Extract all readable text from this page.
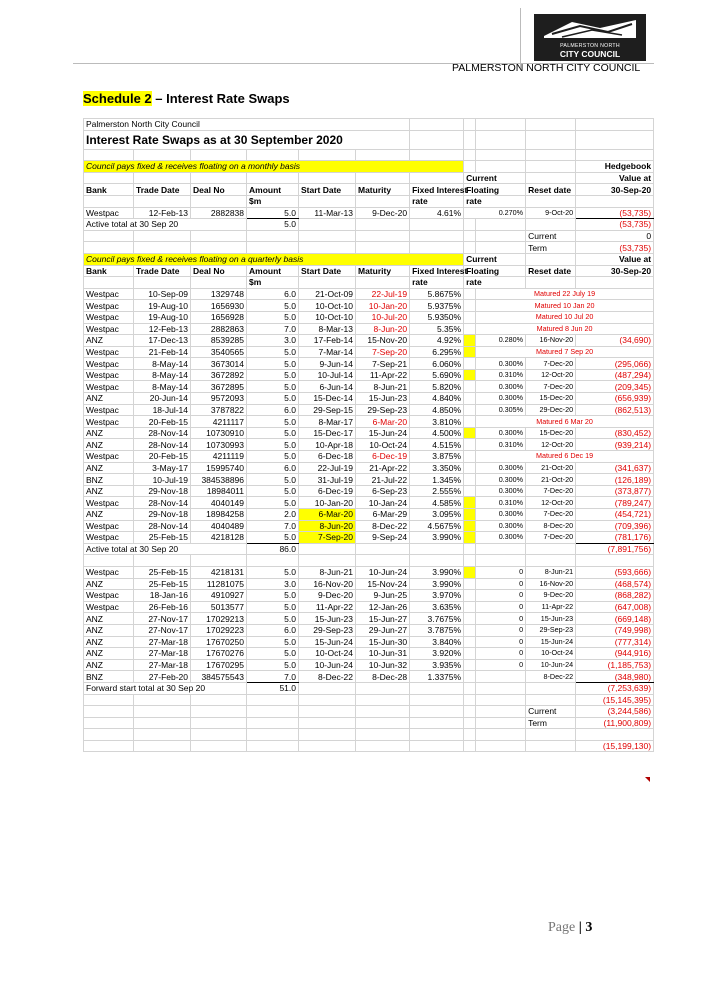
PALMERSTON NORTH
CITY COUNCIL
PALMERSTON NORTH CITY COUNCIL
Schedule 2 – Interest Rate Swaps
Palmerston North City Council										
Interest Rate Swaps as at 30 September 2020										

Council pays fixed & receives floating on a monthly basis										Hedgebook
							Current			Value at
Bank	Trade Date	Deal No	Amount	Start Date	Maturity	Fixed Interest	Floating		Reset date	30-Sep-20
			$m			rate	rate			
Westpac	12-Feb-13	2882838	5.0	11-Mar-13	9-Dec-20	4.61%	0.270%		9-Oct-20	(53,735)
Active total at 30 Sep 20			5.0							(53,735)
									Current	0
									Term	(53,735)
Council pays fixed & receives floating on a quarterly basis							Current			Value at
Bank	Trade Date	Deal No	Amount	Start Date	Maturity	Fixed Interest	Floating		Reset date	30-Sep-20
			$m			rate	rate			
Westpac	10-Sep-09	1329748	6.0	21-Oct-09	22-Jul-19	5.8675%		Matured 22 July 19		
Westpac	19-Aug-10	1656930	5.0	10-Oct-10	10-Jan-20	5.9375%		Matured 10 Jan 20		
Westpac	19-Aug-10	1656928	5.0	10-Oct-10	10-Jul-20	5.9350%		Matured 10 Jul 20		
Westpac	12-Feb-13	2882863	7.0	8-Mar-13	8-Jun-20	5.35%		Matured 8 Jun 20		
ANZ	17-Dec-13	8539285	3.0	17-Feb-14	15-Nov-20	4.92%		0.280%	16-Nov-20	(34,690)
Westpac	21-Feb-14	3540565	5.0	7-Mar-14	7-Sep-20	6.295%		Matured 7 Sep 20		
Westpac	8-May-14	3673014	5.0	9-Jun-14	7-Sep-21	6.060%		0.300%	7-Dec-20	(295,066)
Westpac	8-May-14	3672892	5.0	10-Jul-14	11-Apr-22	5.690%		0.310%	12-Oct-20	(487,294)
Westpac	8-May-14	3672895	5.0	6-Jun-14	8-Jun-21	5.820%		0.300%	7-Dec-20	(209,345)
ANZ	20-Jun-14	9572093	5.0	15-Dec-14	15-Jun-23	4.840%		0.300%	15-Dec-20	(656,939)
Westpac	18-Jul-14	3787822	6.0	29-Sep-15	29-Sep-23	4.850%		0.305%	29-Dec-20	(862,513)
Westpac	20-Feb-15	4211117	5.0	8-Mar-17	6-Mar-20	3.810%		Matured 6 Mar 20		
ANZ	28-Nov-14	10730910	5.0	15-Dec-17	15-Jun-24	4.500%		0.300%	15-Dec-20	(830,452)
ANZ	28-Nov-14	10730993	5.0	10-Apr-18	10-Oct-24	4.515%		0.310%	12-Oct-20	(939,214)
Westpac	20-Feb-15	4211119	5.0	6-Dec-18	6-Dec-19	3.875%		Matured 6 Dec 19		
ANZ	3-May-17	15995740	6.0	22-Jul-19	21-Apr-22	3.350%		0.300%	21-Oct-20	(341,637)
BNZ	10-Jul-19	384538896	5.0	31-Jul-19	21-Jul-22	1.345%		0.300%	21-Oct-20	(126,189)
ANZ	29-Nov-18	18984011	5.0	6-Dec-19	6-Sep-23	2.555%		0.300%	7-Dec-20	(373,877)
Westpac	28-Nov-14	4040149	5.0	10-Jan-20	10-Jan-24	4.585%		0.310%	12-Oct-20	(789,247)
ANZ	29-Nov-18	18984258	2.0	6-Mar-20	6-Mar-29	3.095%		0.300%	7-Dec-20	(454,721)
Westpac	28-Nov-14	4040489	7.0	8-Jun-20	8-Dec-22	4.5675%		0.300%	8-Dec-20	(709,396)
Westpac	25-Feb-15	4218128	5.0	7-Sep-20	9-Sep-24	3.990%		0.300%	7-Dec-20	(781,176)
Active total at 30 Sep 20			86.0							(7,891,756)

Westpac	25-Feb-15	4218131	5.0	8-Jun-21	10-Jun-24	3.990%		0	8-Jun-21	(593,666)
ANZ	25-Feb-15	11281075	3.0	16-Nov-20	15-Nov-24	3.990%		0	16-Nov-20	(468,574)
Westpac	18-Jan-16	4910927	5.0	9-Dec-20	9-Jun-25	3.970%		0	9-Dec-20	(868,282)
Westpac	26-Feb-16	5013577	5.0	11-Apr-22	12-Jan-26	3.635%		0	11-Apr-22	(647,008)
ANZ	27-Nov-17	17029213	5.0	15-Jun-23	15-Jun-27	3.7675%		0	15-Jun-23	(669,148)
ANZ	27-Nov-17	17029223	6.0	29-Sep-23	29-Jun-27	3.7875%		0	29-Sep-23	(749,998)
ANZ	27-Mar-18	17670250	5.0	15-Jun-24	15-Jun-30	3.840%		0	15-Jun-24	(777,314)
ANZ	27-Mar-18	17670276	5.0	10-Oct-24	10-Jun-31	3.920%		0	10-Oct-24	(944,916)
ANZ	27-Mar-18	17670295	5.0	10-Jun-24	10-Jun-32	3.935%		0	10-Jun-24	(1,185,753)
BNZ	27-Feb-20	384575543	7.0	8-Dec-22	8-Dec-28	1.3375%			8-Dec-22	(348,980)
Forward start total at 30 Sep 20			51.0							(7,253,639)
										(15,145,395)
									Current	(3,244,586)
									Term	(11,900,809)

										(15,199,130)
Page | 3
